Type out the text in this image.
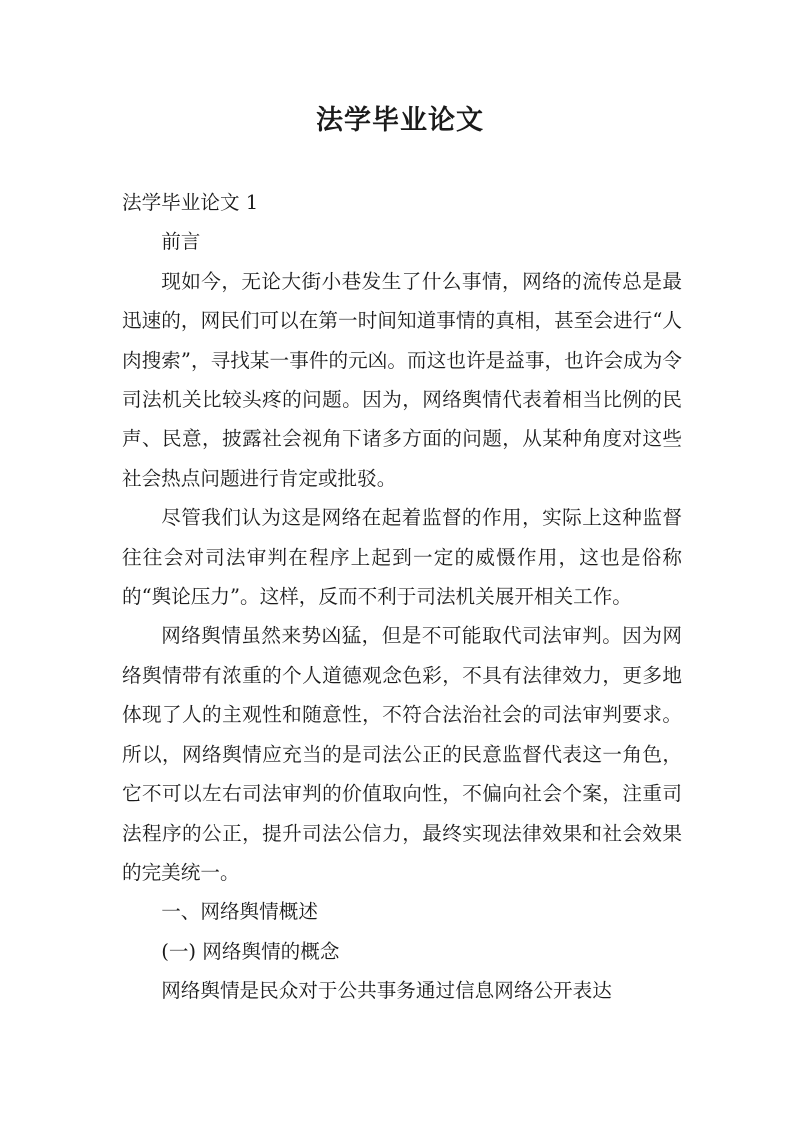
法学毕业论文

法学毕业论文 1

前言

现如今，无论大街小巷发生了什么事情，网络的流传总是最迅速的，网民们可以在第一时间知道事情的真相，甚至会进行“人肉搜索”，寻找某一事件的元凶。而这也许是益事，也许会成为令司法机关比较头疼的问题。因为，网络舆情代表着相当比例的民声、民意，披露社会视角下诸多方面的问题，从某种角度对这些社会热点问题进行肯定或批驳。

尽管我们认为这是网络在起着监督的作用，实际上这种监督往往会对司法审判在程序上起到一定的威慑作用，这也是俗称的“舆论压力”。这样，反而不利于司法机关展开相关工作。

网络舆情虽然来势凶猛，但是不可能取代司法审判。因为网络舆情带有浓重的个人道德观念色彩，不具有法律效力，更多地体现了人的主观性和随意性，不符合法治社会的司法审判要求。所以，网络舆情应充当的是司法公正的民意监督代表这一角色，它不可以左右司法审判的价值取向性，不偏向社会个案，注重司法程序的公正，提升司法公信力，最终实现法律效果和社会效果的完美统一。

一、网络舆情概述

(一) 网络舆情的概念

网络舆情是民众对于公共事务通过信息网络公开表达
